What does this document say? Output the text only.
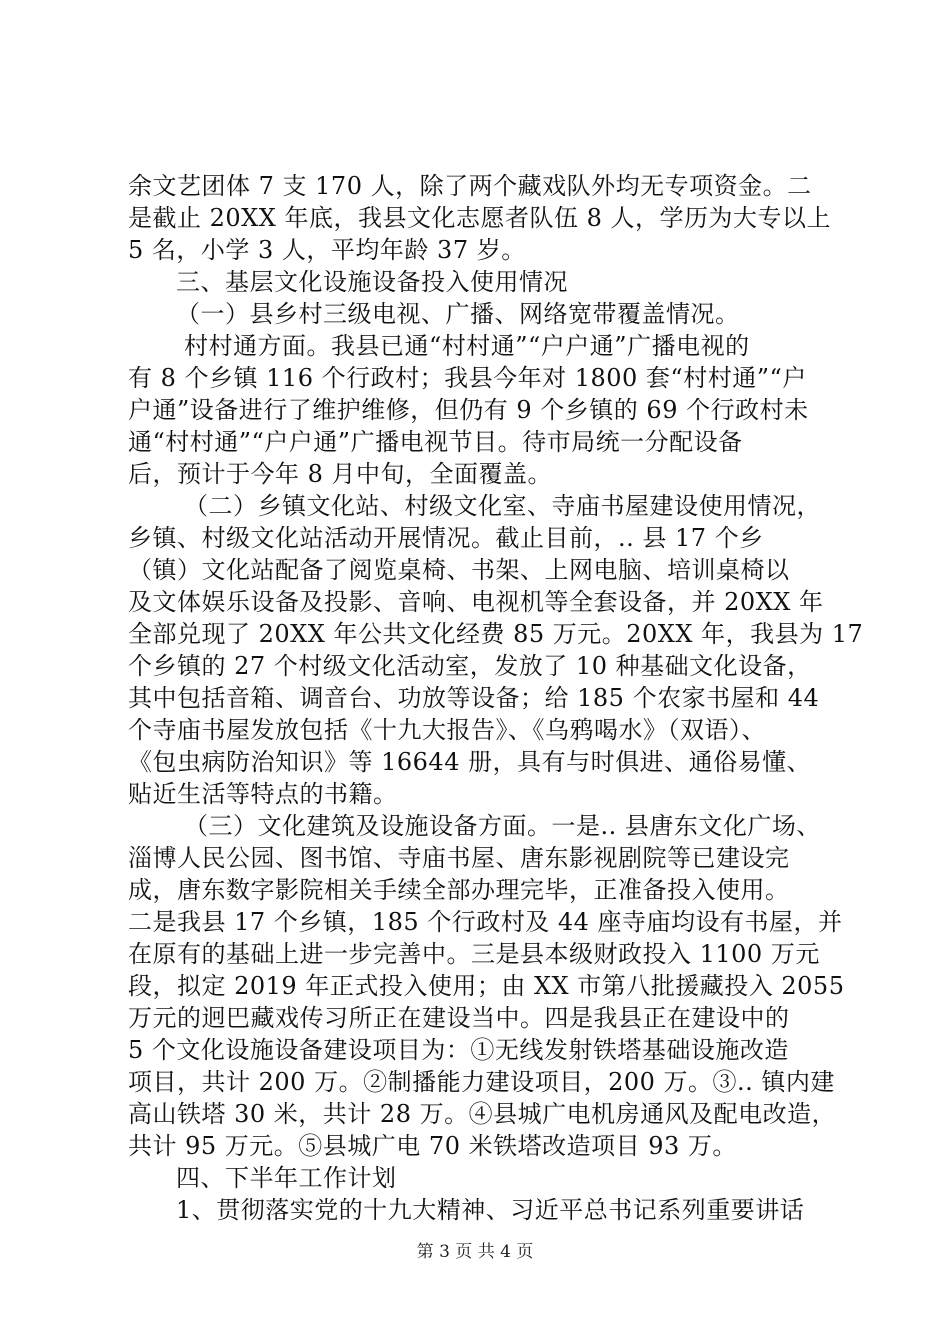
余文艺团体 7 支 170 人，除了两个藏戏队外均无专项资金。二
是截止 20XX 年底，我县文化志愿者队伍 8 人，学历为大专以上
5 名，小学 3 人，平均年龄 37 岁。
三、基层文化设施设备投入使用情况
（一）县乡村三级电视、广播、网络宽带覆盖情况。
村村通方面。我县已通“村村通”“户户通”广播电视的
有 8 个乡镇 116 个行政村；我县今年对 1800 套“村村通”“户
户通”设备进行了维护维修，但仍有 9 个乡镇的 69 个行政村未
通“村村通”“户户通”广播电视节目。待市局统一分配设备
后，预计于今年 8 月中旬，全面覆盖。
（二）乡镇文化站、村级文化室、寺庙书屋建设使用情况，
乡镇、村级文化站活动开展情况。截止目前，.. 县 17 个乡
（镇）文化站配备了阅览桌椅、书架、上网电脑、培训桌椅以
及文体娱乐设备及投影、音响、电视机等全套设备，并 20XX 年
全部兑现了 20XX 年公共文化经费 85 万元。20XX 年，我县为 17
个乡镇的 27 个村级文化活动室，发放了 10 种基础文化设备，
其中包括音箱、调音台、功放等设备；给 185 个农家书屋和 44
个寺庙书屋发放包括《十九大报告》、《乌鸦喝水》（双语）、
《包虫病防治知识》等 16644 册，具有与时俱进、通俗易懂、
贴近生活等特点的书籍。
（三）文化建筑及设施设备方面。一是.. 县唐东文化广场、
淄博人民公园、图书馆、寺庙书屋、唐东影视剧院等已建设完
成，唐东数字影院相关手续全部办理完毕，正准备投入使用。
二是我县 17 个乡镇，185 个行政村及 44 座寺庙均设有书屋，并
在原有的基础上进一步完善中。三是县本级财政投入 1100 万元
段，拟定 2019 年正式投入使用；由 XX 市第八批援藏投入 2055
万元的迥巴藏戏传习所正在建设当中。四是我县正在建设中的
5 个文化设施设备建设项目为：①无线发射铁塔基础设施改造
项目，共计 200 万。②制播能力建设项目，200 万。③.. 镇内建
高山铁塔 30 米，共计 28 万。④县城广电机房通风及配电改造，
共计 95 万元。⑤县城广电 70 米铁塔改造项目 93 万。
四、下半年工作计划
1、贯彻落实党的十九大精神、习近平总书记系列重要讲话
第 3 页 共 4 页
